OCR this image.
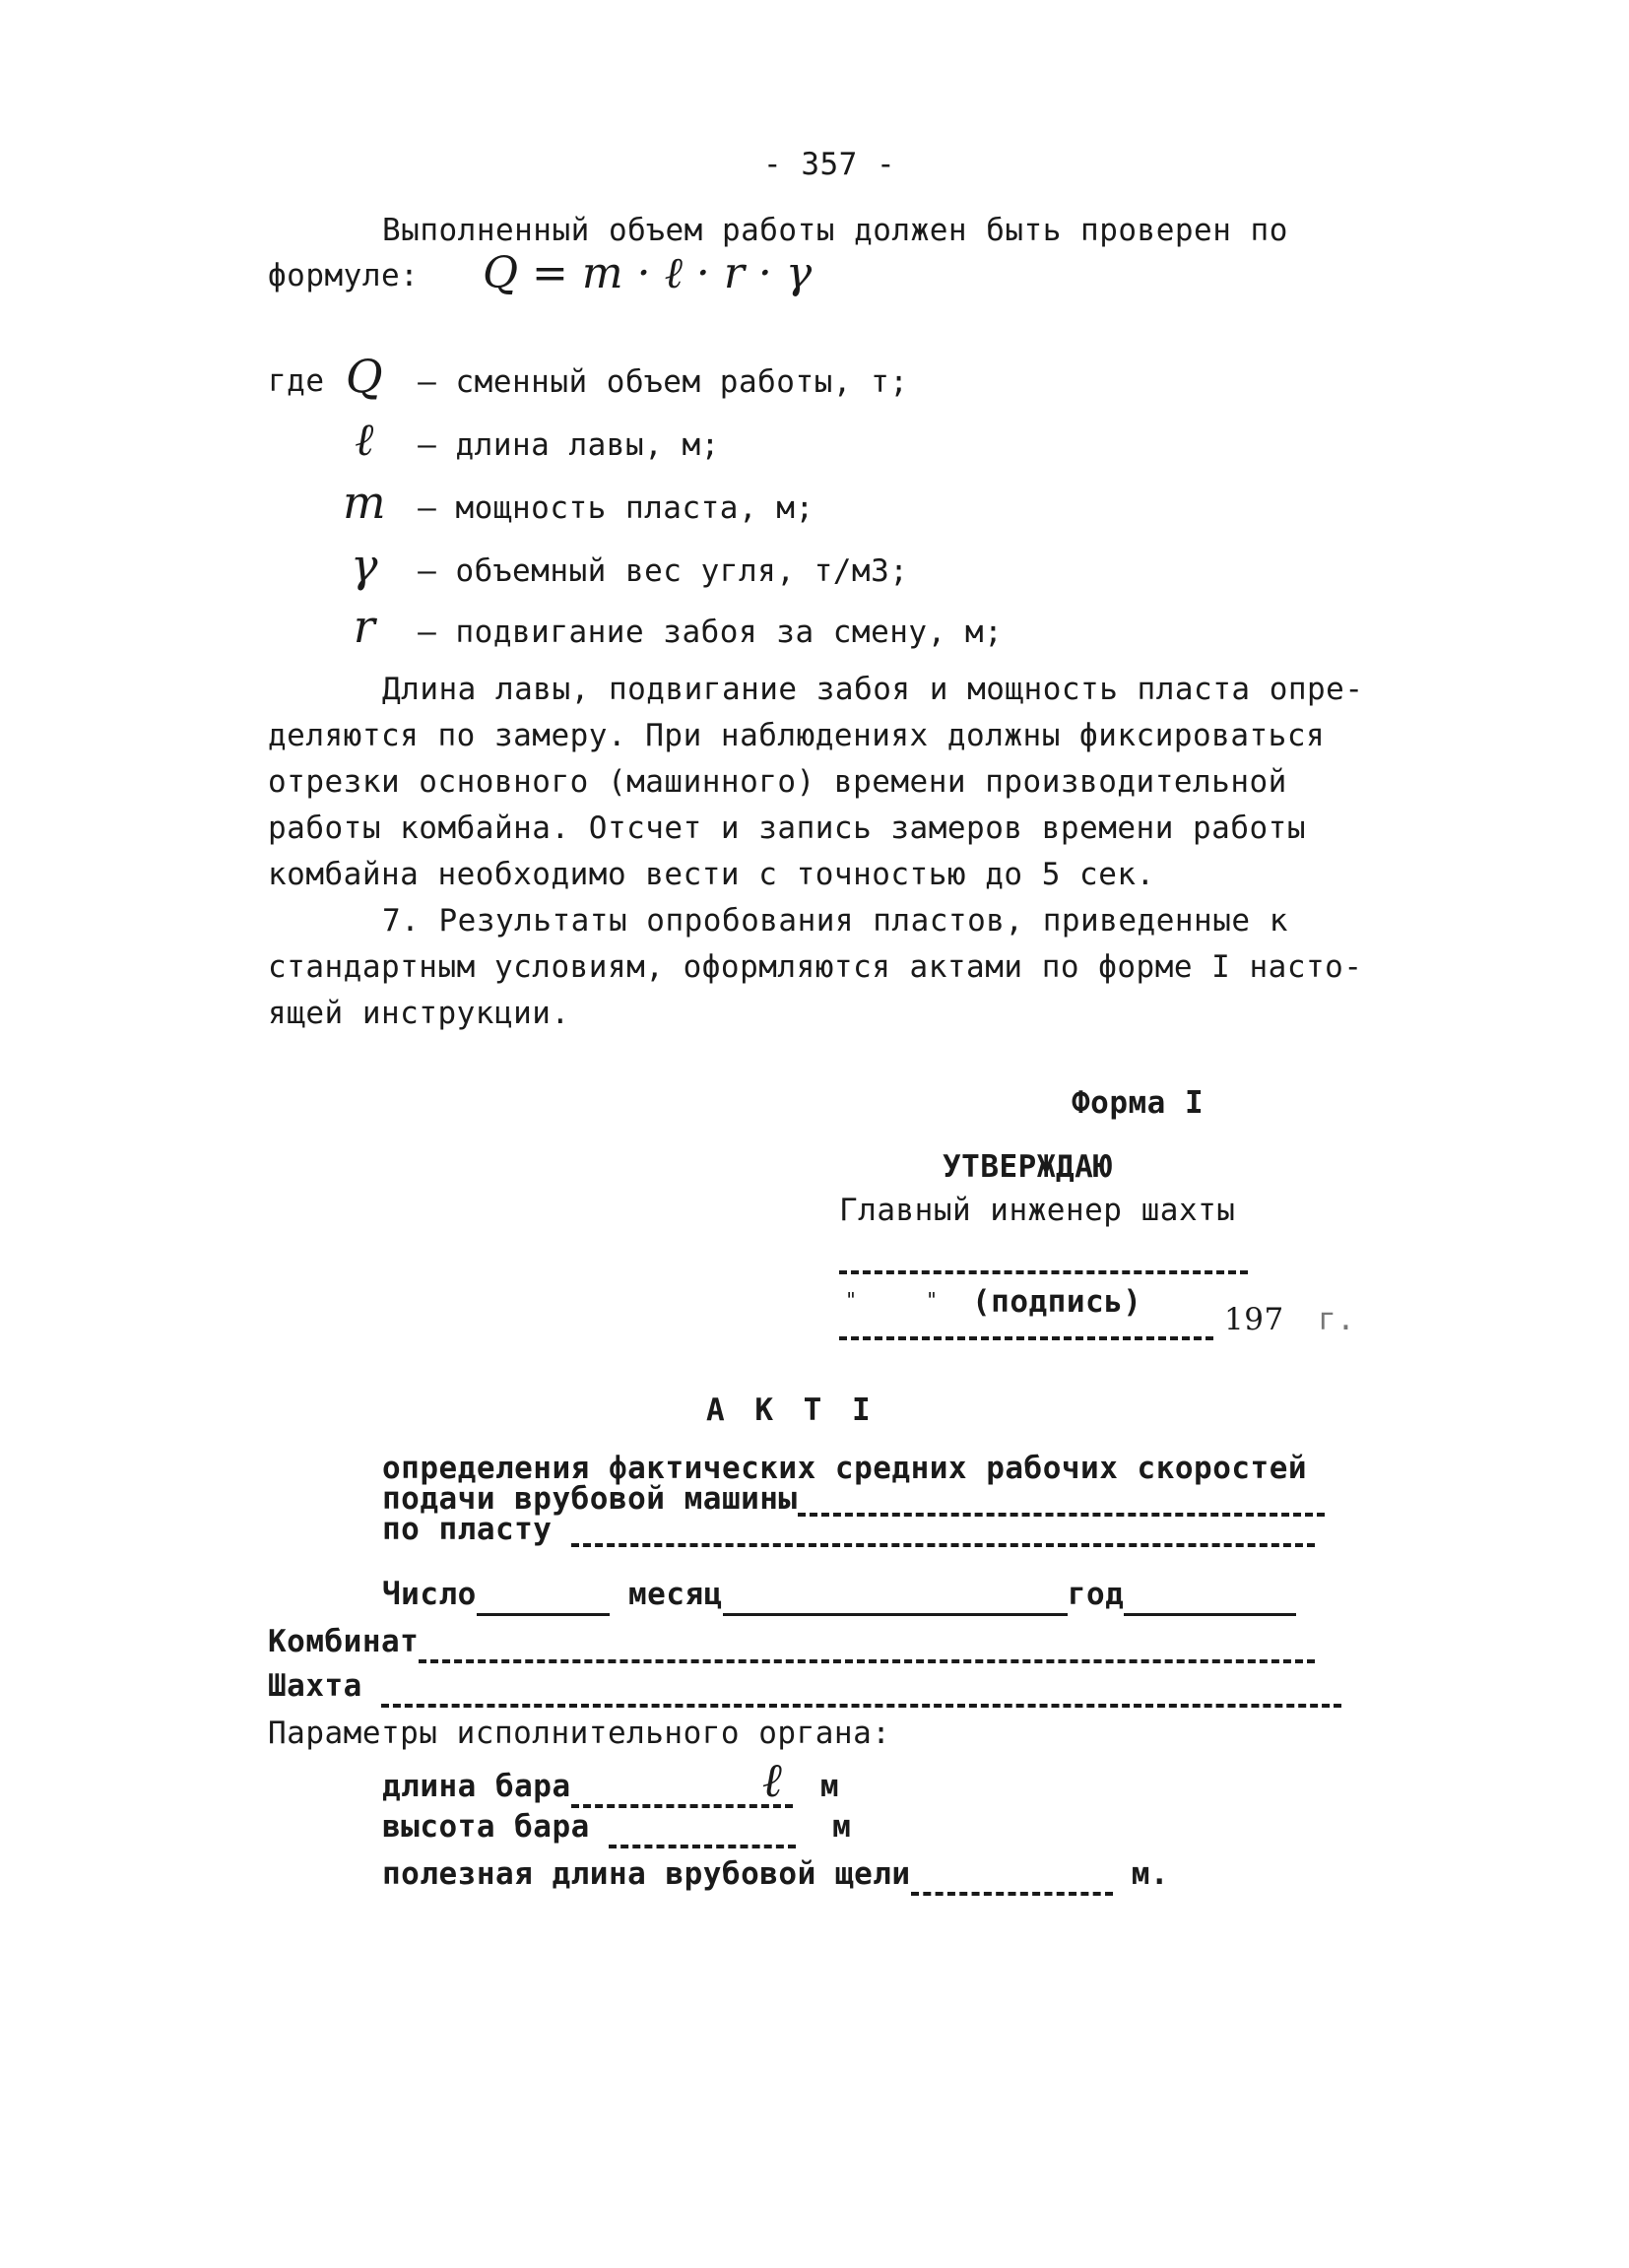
- 357 -
Выполненный объем работы должен быть проверен по
формуле: Q = m · ℓ · r · γ
где Q – сменный объем работы, т;
ℓ – длина лавы, м;
m – мощность пласта, м;
γ – объемный вес угля, т/м3;
r – подвигание забоя за смену, м;
Длина лавы, подвигание забоя и мощность пласта опре-
деляются по замеру. При наблюдениях должны фиксироваться
отрезки основного (машинного) времени производительной
работы комбайна. Отсчет и запись замеров времени работы
комбайна необходимо вести с точностью до 5 сек.
7. Результаты опробования пластов, приведенные к
стандартным условиям, оформляются актами по форме I насто-
ящей инструкции.
Форма I
УТВЕРЖДАЮ
Главный инженер шахты
"	" (подпись)	197 г.
А К Т I
определения фактических средних рабочих скоростей
подачи врубовой машины
по пласту
Число	месяц	год
Комбинат
Шахта
Параметры исполнительного органа:
длина бара	ℓ м
высота бара	м
полезная длина врубовой щели	м.
